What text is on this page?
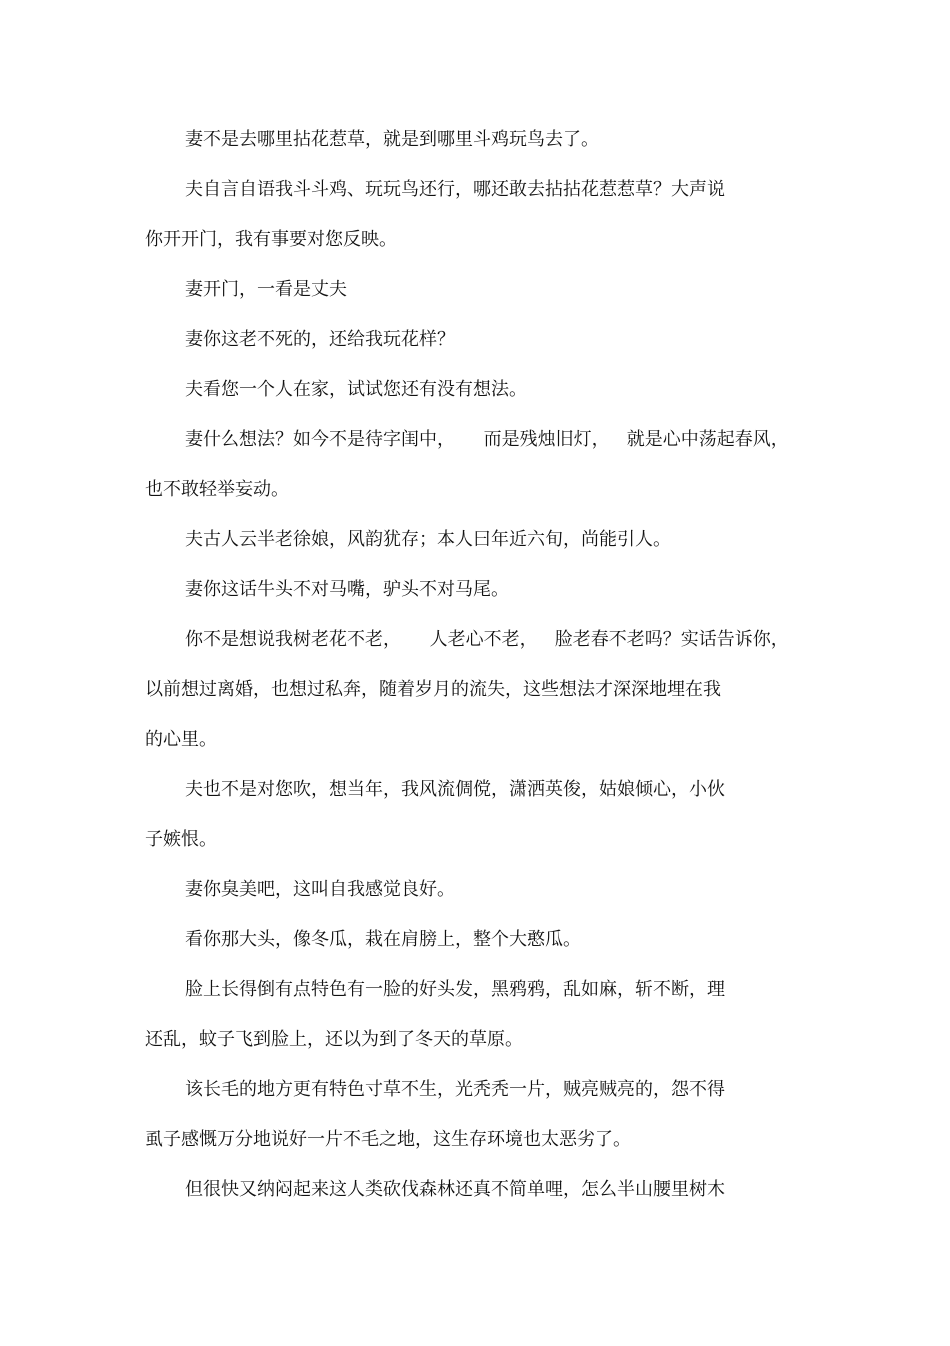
妻不是去哪里拈花惹草，就是到哪里斗鸡玩鸟去了。
夫自言自语我斗斗鸡、玩玩鸟还行，哪还敢去拈拈花惹惹草？大声说
你开开门，我有事要对您反映。
妻开门，一看是丈夫
妻你这老不死的，还给我玩花样？
夫看您一个人在家，试试您还有没有想法。
妻什么想法？如今不是待字闺中，     而是残烛旧灯，   就是心中荡起春风，
也不敢轻举妄动。
夫古人云半老徐娘，风韵犹存；本人曰年近六旬，尚能引人。
妻你这话牛头不对马嘴，驴头不对马尾。
你不是想说我树老花不老，     人老心不老，   脸老春不老吗？实话告诉你，
以前想过离婚，也想过私奔，随着岁月的流失，这些想法才深深地埋在我
的心里。
夫也不是对您吹，想当年，我风流倜傥，潇洒英俊，姑娘倾心，小伙
子嫉恨。
妻你臭美吧，这叫自我感觉良好。
看你那大头，像冬瓜，栽在肩膀上，整个大憨瓜。
脸上长得倒有点特色有一脸的好头发，黑鸦鸦，乱如麻，斩不断，理
还乱，蚊子飞到脸上，还以为到了冬天的草原。
该长毛的地方更有特色寸草不生，光秃秃一片，贼亮贼亮的，怨不得
虱子感慨万分地说好一片不毛之地，这生存环境也太恶劣了。
但很快又纳闷起来这人类砍伐森林还真不简单哩，怎么半山腰里树木
